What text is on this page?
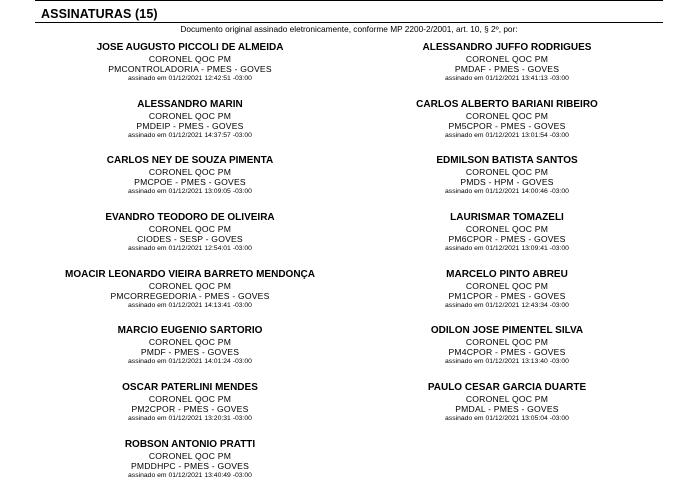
ASSINATURAS (15)
Documento original assinado eletronicamente, conforme MP 2200-2/2001, art. 10, § 2º, por:
JOSE AUGUSTO PICCOLI DE ALMEIDA
CORONEL QOC PM
PMCONTROLADORIA - PMES - GOVES
assinado em 01/12/2021 12:42:51 -03:00
ALESSANDRO MARIN
CORONEL QOC PM
PMDEIP - PMES - GOVES
assinado em 01/12/2021 14:37:57 -03:00
CARLOS NEY DE SOUZA PIMENTA
CORONEL QOC PM
PMCPOE - PMES - GOVES
assinado em 01/12/2021 13:09:05 -03:00
EVANDRO TEODORO DE OLIVEIRA
CORONEL QOC PM
CIODES - SESP - GOVES
assinado em 01/12/2021 12:54:01 -03:00
MOACIR LEONARDO VIEIRA BARRETO MENDONÇA
CORONEL QOC PM
PMCORREGEDORIA - PMES - GOVES
assinado em 01/12/2021 14:13:41 -03:00
MARCIO EUGENIO SARTORIO
CORONEL QOC PM
PMDF - PMES - GOVES
assinado em 01/12/2021 14:01:24 -03:00
OSCAR PATERLINI MENDES
CORONEL QOC PM
PM2CPOR - PMES - GOVES
assinado em 01/12/2021 13:20:31 -03:00
ROBSON ANTONIO PRATTI
CORONEL QOC PM
PMDDHPC - PMES - GOVES
assinado em 01/12/2021 13:40:49 -03:00
ALESSANDRO JUFFO RODRIGUES
CORONEL QOC PM
PMDAF - PMES - GOVES
assinado em 01/12/2021 13:41:13 -03:00
CARLOS ALBERTO BARIANI RIBEIRO
CORONEL QOC PM
PM5CPOR - PMES - GOVES
assinado em 01/12/2021 13:01:54 -03:00
EDMILSON BATISTA SANTOS
CORONEL QOC PM
PMDS - HPM - GOVES
assinado em 01/12/2021 14:00:46 -03:00
LAURISMAR TOMAZELI
CORONEL QOC PM
PM6CPOR - PMES - GOVES
assinado em 01/12/2021 13:09:41 -03:00
MARCELO PINTO ABREU
CORONEL QOC PM
PM1CPOR - PMES - GOVES
assinado em 01/12/2021 12:43:34 -03:00
ODILON JOSE PIMENTEL SILVA
CORONEL QOC PM
PM4CPOR - PMES - GOVES
assinado em 01/12/2021 13:13:40 -03:00
PAULO CESAR GARCIA DUARTE
CORONEL QOC PM
PMDAL - PMES - GOVES
assinado em 01/12/2021 13:05:04 -03:00
